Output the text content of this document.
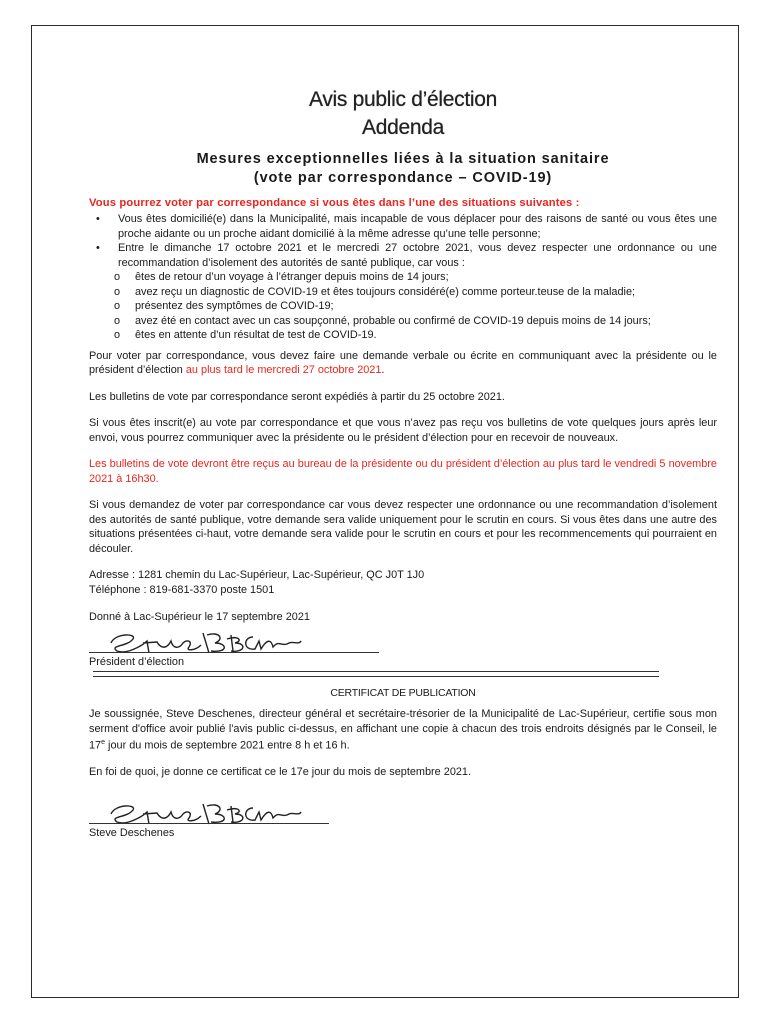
Avis public d’élection
Addenda
Mesures exceptionnelles liées à la situation sanitaire
(vote par correspondance – COVID-19)
Vous pourrez voter par correspondance si vous êtes dans l’une des situations suivantes :
• Vous êtes domicilié(e) dans la Municipalité, mais incapable de vous déplacer pour des raisons de santé ou vous êtes une proche aidante ou un proche aidant domicilié à la même adresse qu’une telle personne;
• Entre le dimanche 17 octobre 2021 et le mercredi 27 octobre 2021, vous devez respecter une ordonnance ou une recommandation d’isolement des autorités de santé publique, car vous :
o êtes de retour d’un voyage à l’étranger depuis moins de 14 jours;
o avez reçu un diagnostic de COVID-19 et êtes toujours considéré(e) comme porteur.teuse de la maladie;
o présentez des symptômes de COVID-19;
o avez été en contact avec un cas soupçonné, probable ou confirmé de COVID-19 depuis moins de 14 jours;
o êtes en attente d’un résultat de test de COVID-19.
Pour voter par correspondance, vous devez faire une demande verbale ou écrite en communiquant avec la présidente ou le président d’élection au plus tard le mercredi 27 octobre 2021.
Les bulletins de vote par correspondance seront expédiés à partir du 25 octobre 2021.
Si vous êtes inscrit(e) au vote par correspondance et que vous n’avez pas reçu vos bulletins de vote quelques jours après leur envoi, vous pourrez communiquer avec la présidente ou le président d’élection pour en recevoir de nouveaux.
Les bulletins de vote devront être reçus au bureau de la présidente ou du président d’élection au plus tard le vendredi 5 novembre 2021 à 16h30.
Si vous demandez de voter par correspondance car vous devez respecter une ordonnance ou une recommandation d’isolement des autorités de santé publique, votre demande sera valide uniquement pour le scrutin en cours. Si vous êtes dans une autre des situations présentées ci-haut, votre demande sera valide pour le scrutin en cours et pour les recommencements qui pourraient en découler.
Adresse : 1281 chemin du Lac-Supérieur, Lac-Supérieur, QC J0T 1J0
Téléphone : 819-681-3370 poste 1501
Donné à Lac-Supérieur le 17 septembre 2021
Président d’élection
CERTIFICAT DE PUBLICATION
Je soussignée, Steve Deschenes, directeur général et secrétaire-trésorier de la Municipalité de Lac-Supérieur, certifie sous mon serment d'office avoir publié l'avis public ci-dessus, en affichant une copie à chacun des trois endroits désignés par le Conseil, le 17e jour du mois de septembre 2021 entre 8 h et 16 h.
En foi de quoi, je donne ce certificat ce le 17e jour du mois de septembre 2021.
Steve Deschenes
